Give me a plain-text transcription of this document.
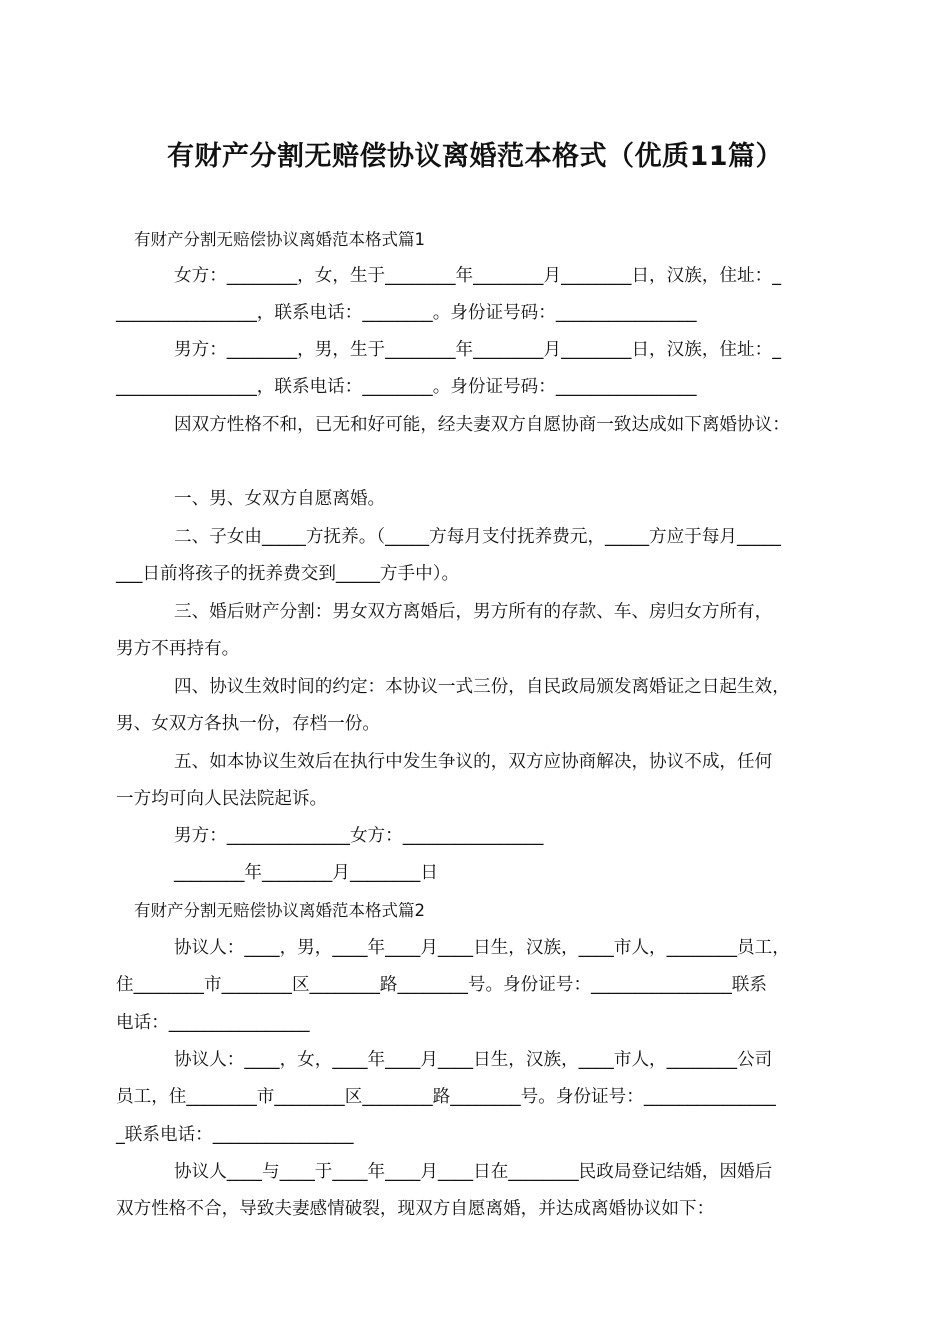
有财产分割无赔偿协议离婚范本格式（优质11篇）
有财产分割无赔偿协议离婚范本格式篇1
女方：________，女，生于________年________月________日，汉族，住址：_
________________，联系电话：________。身份证号码：________________
男方：________，男，生于________年________月________日，汉族，住址：_
________________，联系电话：________。身份证号码：________________
因双方性格不和，已无和好可能，经夫妻双方自愿协商一致达成如下离婚协议：
一、男、女双方自愿离婚。
二、子女由_____方抚养。（_____方每月支付抚养费元，_____方应于每月_____
___日前将孩子的抚养费交到_____方手中）。
三、婚后财产分割：男女双方离婚后，男方所有的存款、车、房归女方所有，
男方不再持有。
四、协议生效时间的约定：本协议一式三份，自民政局颁发离婚证之日起生效，
男、女双方各执一份，存档一份。
五、如本协议生效后在执行中发生争议的，双方应协商解决，协议不成，任何
一方均可向人民法院起诉。
男方：______________女方：________________
________年________月________日
有财产分割无赔偿协议离婚范本格式篇2
协议人：____，男，____年____月____日生，汉族，____市人，________员工，
住________市________区________路________号。身份证号：________________联系
电话：________________
协议人：____，女，____年____月____日生，汉族，____市人，________公司
员工，住________市________区________路________号。身份证号：_______________
_联系电话：________________
协议人____与____于____年____月____日在________民政局登记结婚，因婚后
双方性格不合，导致夫妻感情破裂，现双方自愿离婚，并达成离婚协议如下：
